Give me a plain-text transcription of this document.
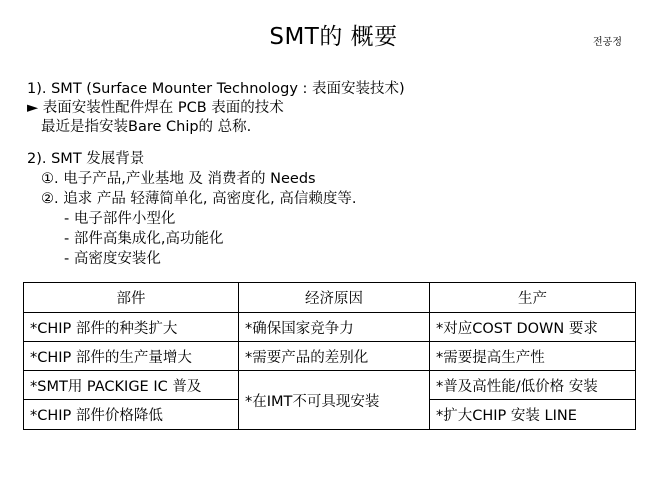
SMT的 概要	전공정
1). SMT (Surface Mounter Technology : 表面安装技术)
► 表面安装性配件焊在 PCB 表面的技术
最近是指安装Bare Chip的 总称.
2). SMT 发展背景
①. 电子产品,产业基地 及 消费者的 Needs
②. 追求 产品 轻薄简单化, 高密度化, 高信赖度等.
- 电子部件小型化
- 部件高集成化,高功能化
- 高密度安装化
部件	经济原因	生产
*CHIP 部件的种类扩大	*确保国家竞争力	*对应COST DOWN 要求
*CHIP 部件的生产量增大	*需要产品的差别化	*需要提高生产性
*SMT用 PACKIGE IC 普及	*在IMT不可具现安装	*普及高性能/低价格 安装
*CHIP 部件价格降低		*扩大CHIP 安装 LINE
